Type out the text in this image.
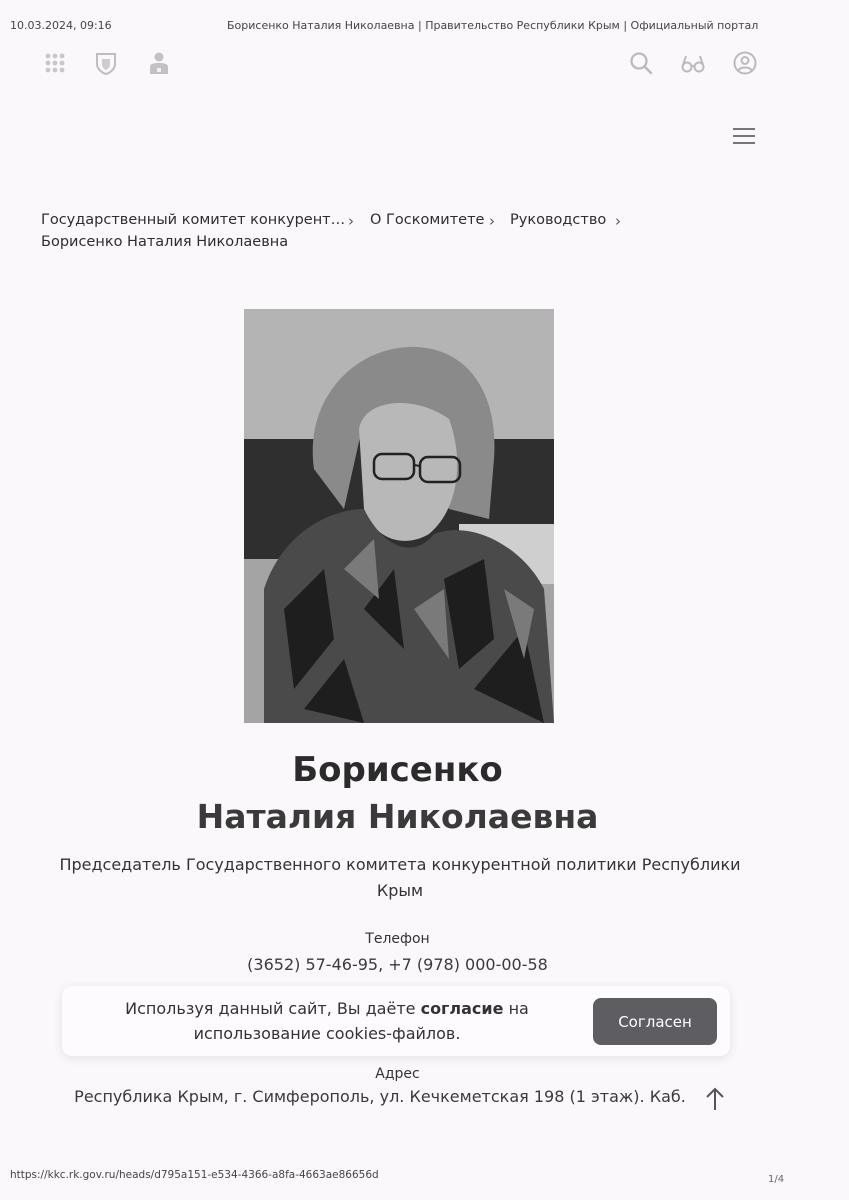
10.03.2024, 09:16	Борисенко Наталия Николаевна | Правительство Республики Крым | Официальный портал
Государственный комитет конкурент… › О Госкомитете › Руководство ›
Борисенко Наталия Николаевна
Борисенко
Наталия Николаевна

Председатель Государственного комитета конкурентной политики Республики Крым

Телефон
(3652) 57-46-95, +7 (978) 000-00-58
Адрес
Республика Крым, г. Симферополь, ул. Кечкеметская 198 (1 этаж). Каб.

Используя данный сайт, Вы даёте согласие на использование cookies-файлов.

Согласен
https://kkc.rk.gov.ru/heads/d795a151-e534-4366-a8fa-4663ae86656d	1/4
